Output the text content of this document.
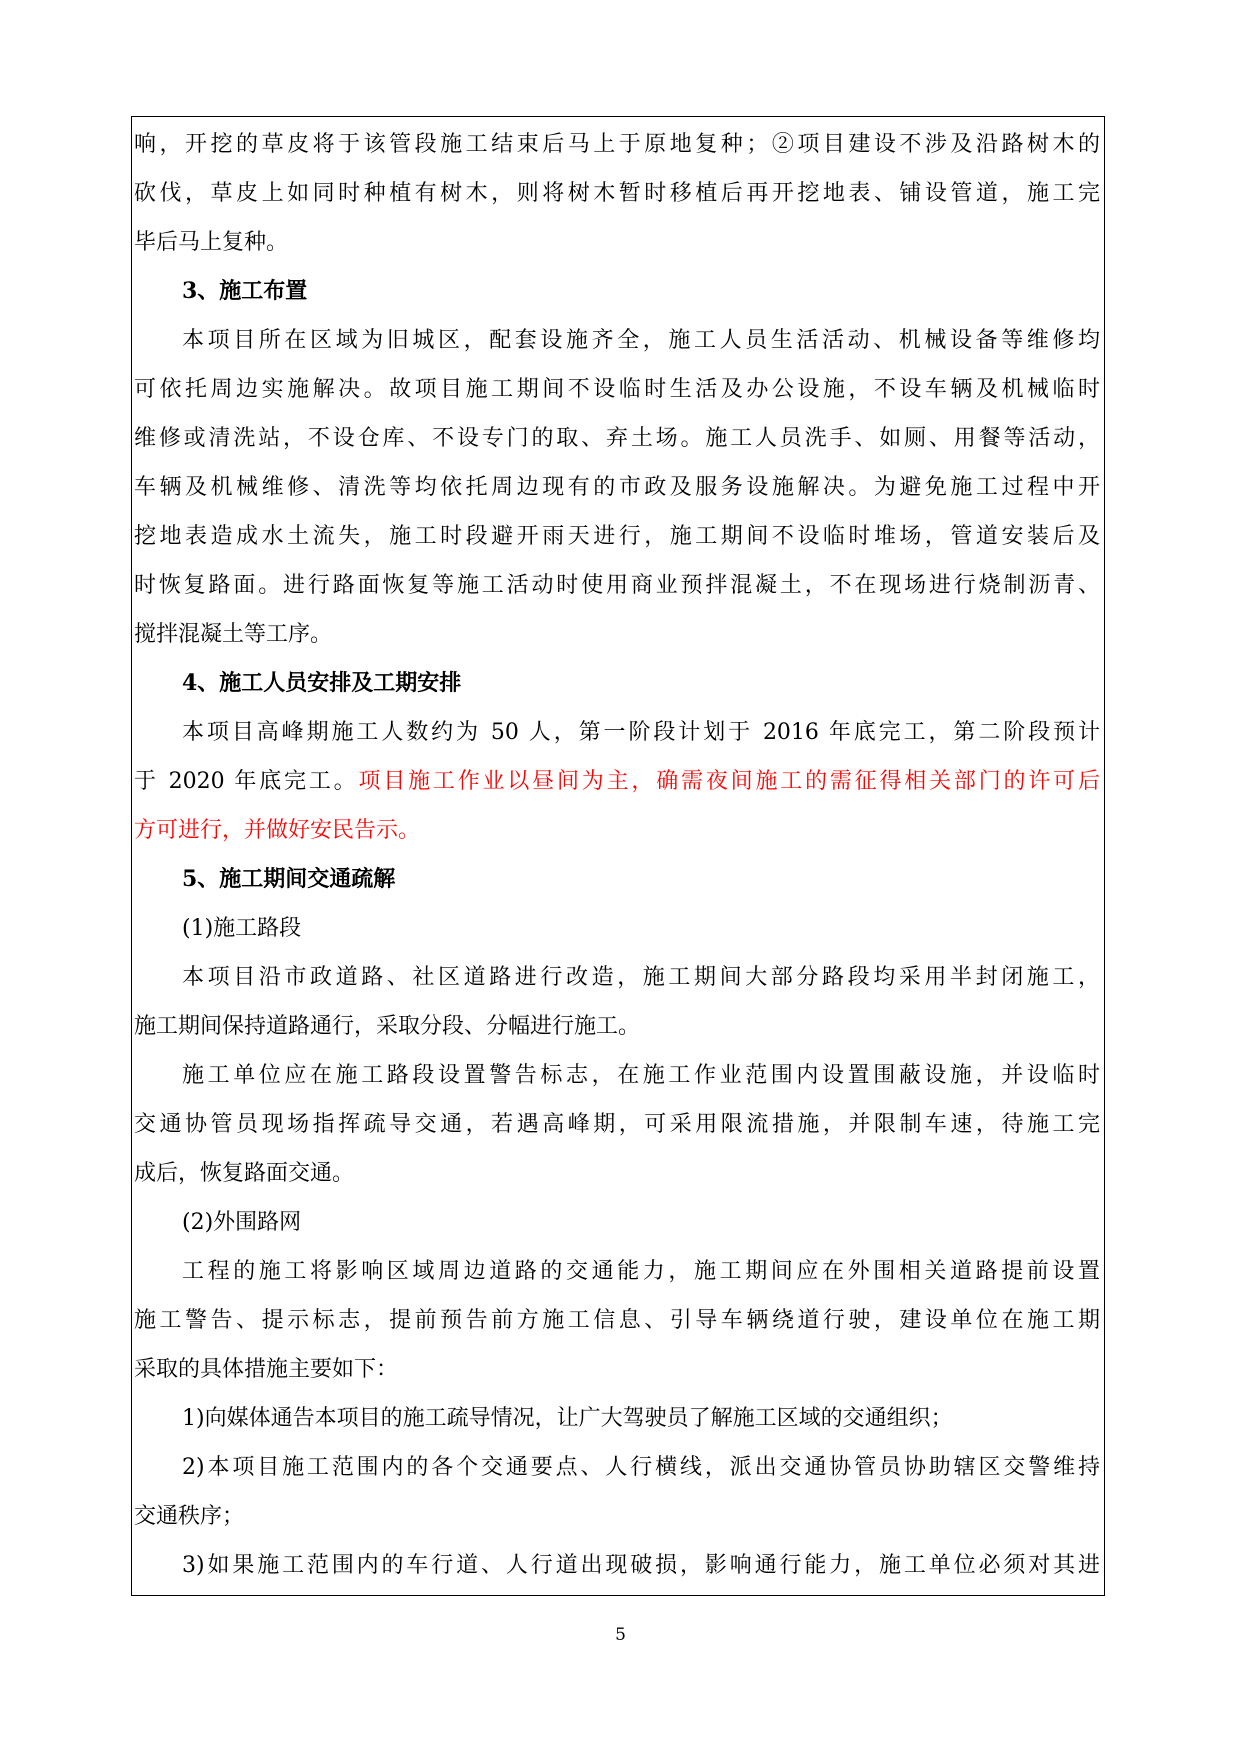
响，开挖的草皮将于该管段施工结束后马上于原地复种；②项目建设不涉及沿路树木的
砍伐，草皮上如同时种植有树木，则将树木暂时移植后再开挖地表、铺设管道，施工完
毕后马上复种。
3、施工布置
本项目所在区域为旧城区，配套设施齐全，施工人员生活活动、机械设备等维修均
可依托周边实施解决。故项目施工期间不设临时生活及办公设施，不设车辆及机械临时
维修或清洗站，不设仓库、不设专门的取、弃土场。施工人员洗手、如厕、用餐等活动，
车辆及机械维修、清洗等均依托周边现有的市政及服务设施解决。为避免施工过程中开
挖地表造成水土流失，施工时段避开雨天进行，施工期间不设临时堆场，管道安装后及
时恢复路面。进行路面恢复等施工活动时使用商业预拌混凝土，不在现场进行烧制沥青、
搅拌混凝土等工序。
4、施工人员安排及工期安排
本项目高峰期施工人数约为 50 人，第一阶段计划于 2016 年底完工，第二阶段预计
于 2020 年底完工。项目施工作业以昼间为主，确需夜间施工的需征得相关部门的许可后
方可进行，并做好安民告示。
5、施工期间交通疏解
(1)施工路段
本项目沿市政道路、社区道路进行改造，施工期间大部分路段均采用半封闭施工，
施工期间保持道路通行，采取分段、分幅进行施工。
施工单位应在施工路段设置警告标志，在施工作业范围内设置围蔽设施，并设临时
交通协管员现场指挥疏导交通，若遇高峰期，可采用限流措施，并限制车速，待施工完
成后，恢复路面交通。
(2)外围路网
工程的施工将影响区域周边道路的交通能力，施工期间应在外围相关道路提前设置
施工警告、提示标志，提前预告前方施工信息、引导车辆绕道行驶，建设单位在施工期
采取的具体措施主要如下：
1)向媒体通告本项目的施工疏导情况，让广大驾驶员了解施工区域的交通组织；
2)本项目施工范围内的各个交通要点、人行横线，派出交通协管员协助辖区交警维持
交通秩序；
3)如果施工范围内的车行道、人行道出现破损，影响通行能力，施工单位必须对其进
5
